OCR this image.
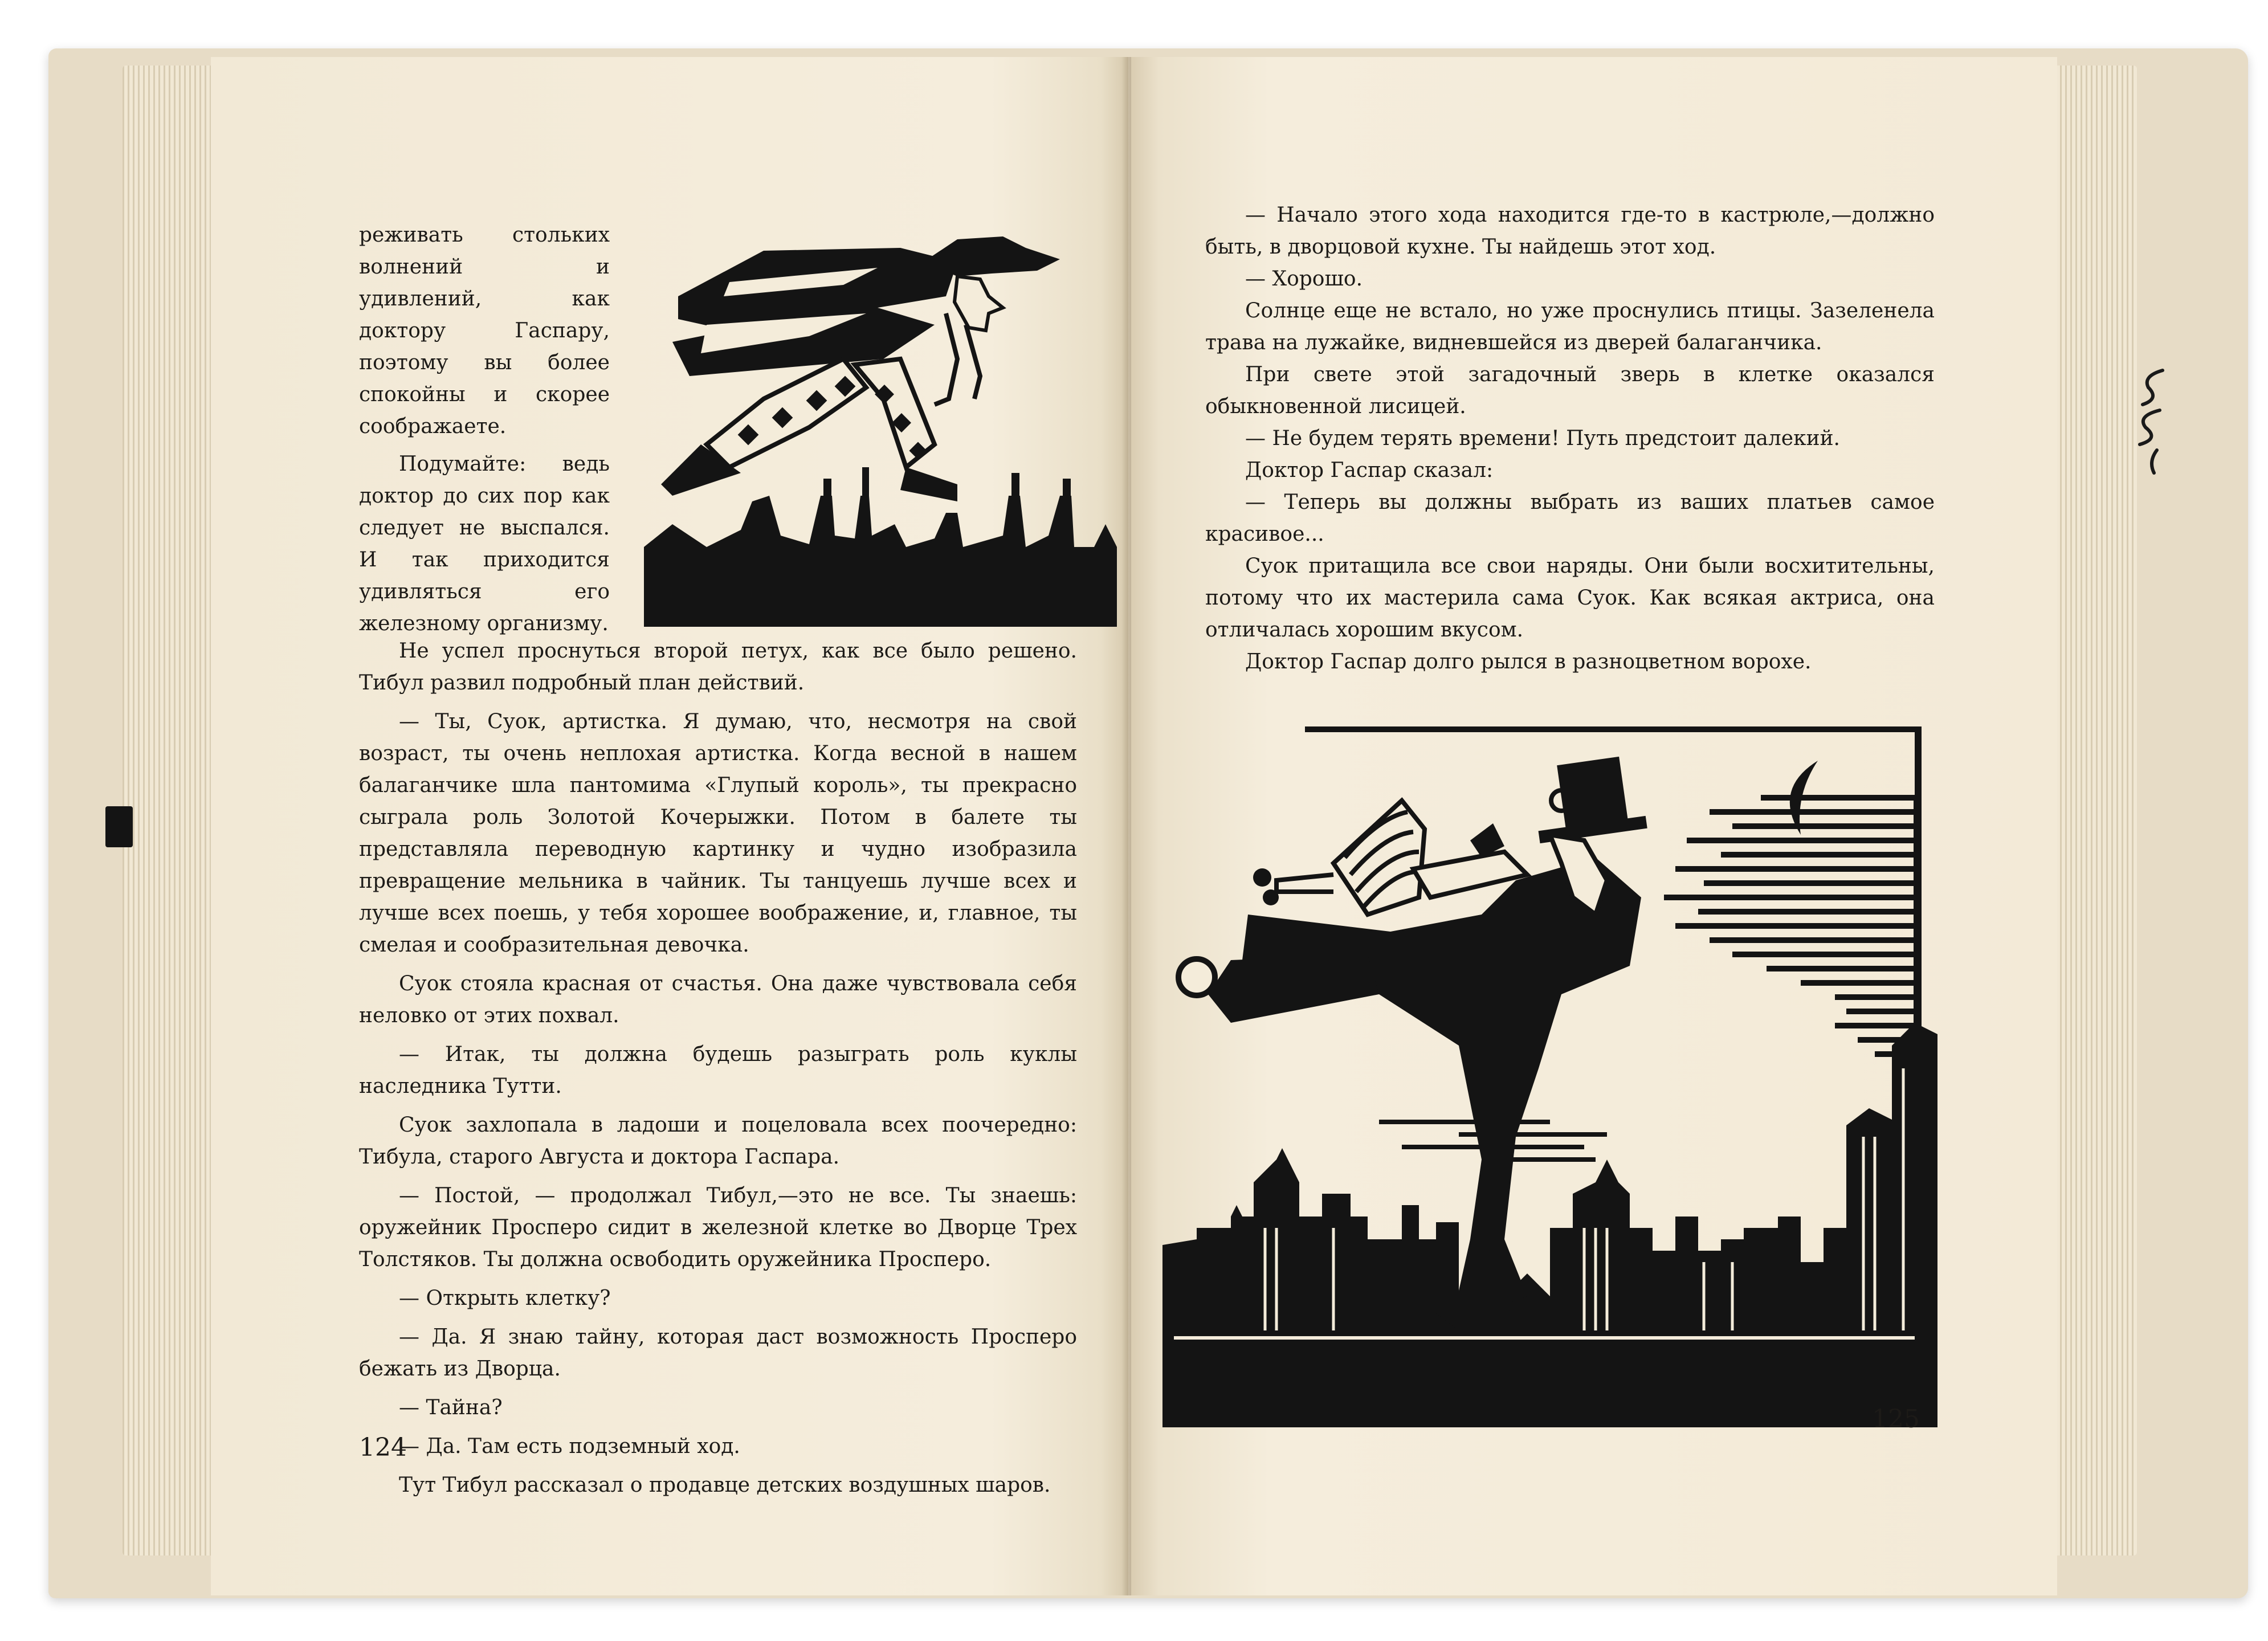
реживать стольких волнений и удивлений, как доктору Гаспару, поэтому вы более спокойны и скорее соображаете.

Подумайте: ведь доктор до сих пор как следует не выспался. И так приходится удивляться его железному организму.

Не успел проснуться второй петух, как все было решено. Тибул развил подробный план действий.

— Ты, Суок, артистка. Я думаю, что, несмотря на свой возраст, ты очень неплохая артистка. Когда весной в нашем балаганчике шла пантомима «Глупый король», ты прекрасно сыграла роль Золотой Кочерыжки. Потом в балете ты представляла переводную картинку и чудно изобразила превращение мельника в чайник. Ты танцуешь лучше всех и лучше всех поешь, у тебя хорошее воображение, и, главное, ты смелая и сообразительная девочка.

Суок стояла красная от счастья. Она даже чувствовала себя неловко от этих похвал.

— Итак, ты должна будешь разыграть роль куклы наследника Тутти.

Суок захлопала в ладоши и поцеловала всех поочередно: Тибула, старого Августа и доктора Гаспара.

— Постой, — продолжал Тибул,—это не все. Ты знаешь: оружейник Просперо сидит в железной клетке во Дворце Трех Толстяков. Ты должна освободить оружейника Просперо.

— Открыть клетку?

— Да. Я знаю тайну, которая даст возможность Просперо бежать из Дворца.

— Тайна?

— Да. Там есть подземный ход.

Тут Тибул рассказал о продавце детских воздушных шаров.

124

— Начало этого хода находится где-то в кастрюле,—должно быть, в дворцовой кухне. Ты найдешь этот ход.

— Хорошо.

Солнце еще не встало, но уже проснулись птицы. Зазеленела трава на лужайке, видневшейся из дверей балаганчика.

При свете этой загадочный зверь в клетке оказался обыкновенной лисицей.

— Не будем терять времени! Путь предстоит далекий.

Доктор Гаспар сказал:

— Теперь вы должны выбрать из ваших платьев самое красивое...

Суок притащила все свои наряды. Они были восхитительны, потому что их мастерила сама Суок. Как всякая актриса, она отличалась хорошим вкусом.

Доктор Гаспар долго рылся в разноцветном ворохе.

125
